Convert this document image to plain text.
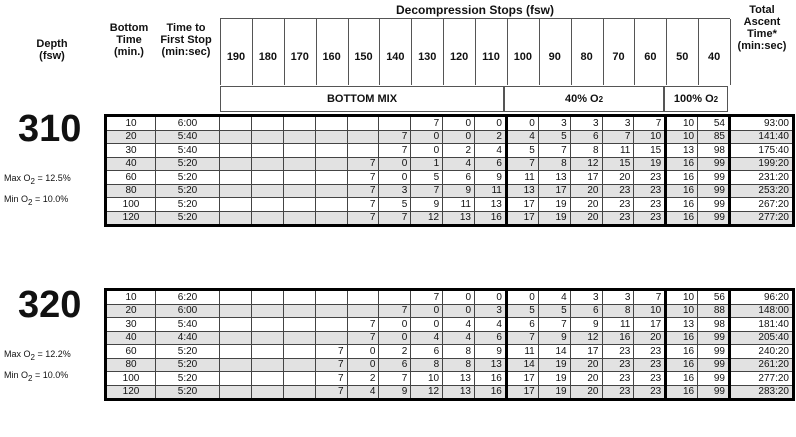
Depth
(fsw)
Bottom
Time
(min.)
Time to
First Stop
(min:sec)
Decompression Stops (fsw)	Total
Ascent
Time*
(min:sec)
190	180	170	160	150	140	130	120	110	100	90	80	70	60	50	40
BOTTOM MIX	40% O 2	100% O 2
310
Max $O_2 = 12.5\%$
Min $O_2 = 10.0\%$
10	6:00							7	0	0	0	3	3	3	7	10	54	93:00
20	5:40						7	0	0	2	4	5	6	7	10	10	85	141:40
30	5:40						7	0	2	4	5	7	8	11	15	13	98	175:40
40	5:20					7	0	1	4	6	7	8	12	15	19	16	99	199:20
60	5:20					7	0	5	6	9	11	13	17	20	23	16	99	231:20
80	5:20					7	3	7	9	11	13	17	20	23	23	16	99	253:20
100	5:20					7	5	9	11	13	17	19	20	23	23	16	99	267:20
120	5:20					7	7	12	13	16	17	19	20	23	23	16	99	277:20
320
Max $O_2 = 12.2\%$
Min $O_2 = 10.0\%$
10	6:20							7	0	0	0	4	3	3	7	10	56	96:20
20	6:00						7	0	0	3	5	5	6	8	10	10	88	148:00
30	5:40					7	0	0	4	4	6	7	9	11	17	13	98	181:40
40	4:40					7	0	4	4	6	7	9	12	16	20	16	99	205:40
60	5:20				7	0	2	6	8	9	11	14	17	23	23	16	99	240:20
80	5:20				7	0	6	8	8	13	14	19	20	23	23	16	99	261:20
100	5:20				7	2	7	10	13	16	17	19	20	23	23	16	99	277:20
120	5:20				7	4	9	12	13	16	17	19	20	23	23	16	99	283:20
